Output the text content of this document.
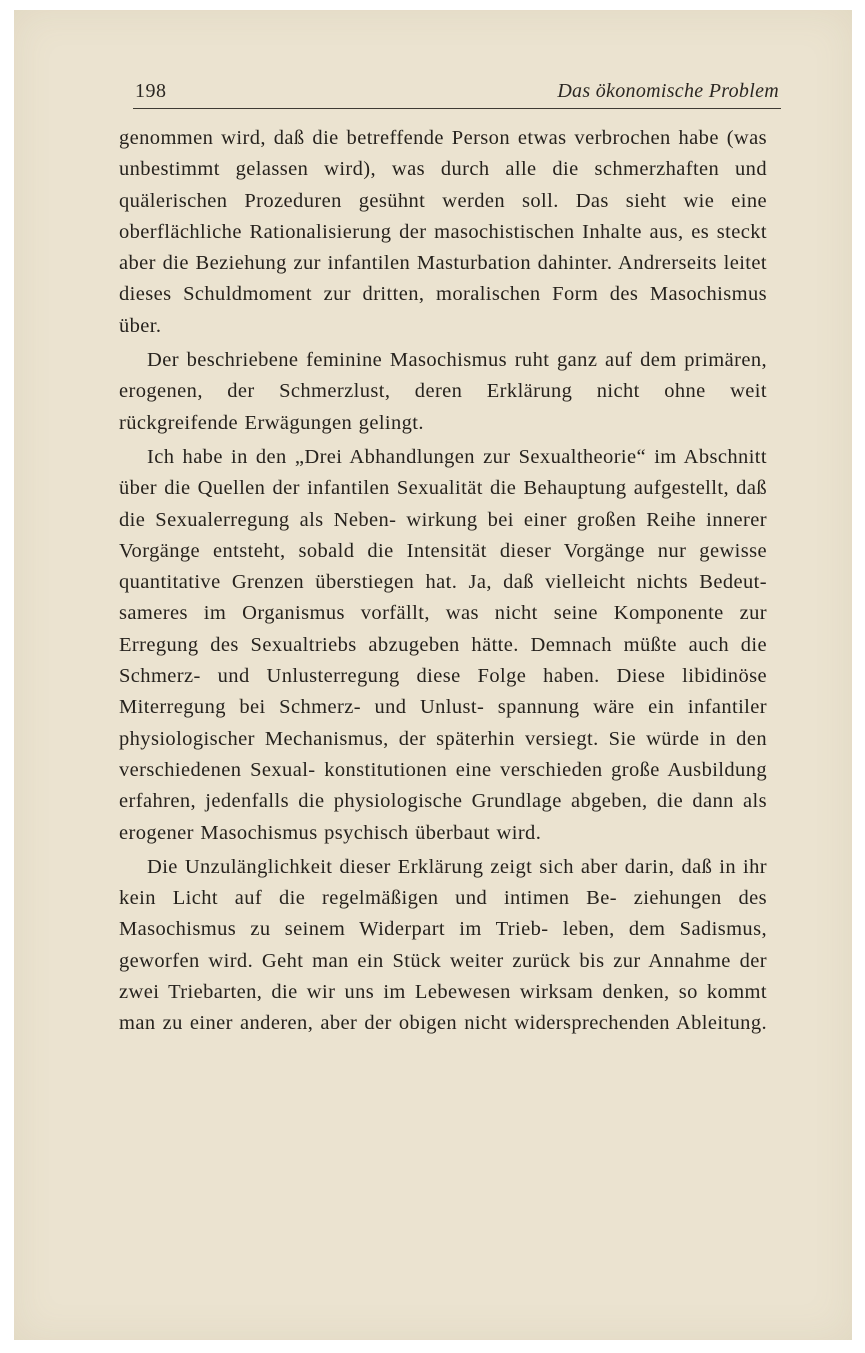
198	Das ökonomische Problem

genommen wird, daß die betreffende Person etwas verbrochen habe (was unbestimmt gelassen wird), was durch alle die schmerzhaften und quälerischen Prozeduren gesühnt werden soll. Das sieht wie eine oberflächliche Rationalisierung der masochistischen Inhalte aus, es steckt aber die Beziehung zur infantilen Masturbation dahinter. Andrerseits leitet dieses Schuldmoment zur dritten, moralischen Form des Masochismus über.

Der beschriebene feminine Masochismus ruht ganz auf dem primären, erogenen, der Schmerzlust, deren Erklärung nicht ohne weit rückgreifende Erwägungen gelingt.

Ich habe in den „Drei Abhandlungen zur Sexualtheorie“ im Abschnitt über die Quellen der infantilen Sexualität die Behauptung aufgestellt, daß die Sexualerregung als Neben- wirkung bei einer großen Reihe innerer Vorgänge entsteht, sobald die Intensität dieser Vorgänge nur gewisse quantitative Grenzen überstiegen hat. Ja, daß vielleicht nichts Bedeut- sameres im Organismus vorfällt, was nicht seine Komponente zur Erregung des Sexualtriebs abzugeben hätte. Demnach müßte auch die Schmerz- und Unlusterregung diese Folge haben. Diese libidinöse Miterregung bei Schmerz- und Unlust- spannung wäre ein infantiler physiologischer Mechanismus, der späterhin versiegt. Sie würde in den verschiedenen Sexual- konstitutionen eine verschieden große Ausbildung erfahren, jedenfalls die physiologische Grundlage abgeben, die dann als erogener Masochismus psychisch überbaut wird.

Die Unzulänglichkeit dieser Erklärung zeigt sich aber darin, daß in ihr kein Licht auf die regelmäßigen und intimen Be- ziehungen des Masochismus zu seinem Widerpart im Trieb- leben, dem Sadismus, geworfen wird. Geht man ein Stück weiter zurück bis zur Annahme der zwei Triebarten, die wir uns im Lebewesen wirksam denken, so kommt man zu einer anderen, aber der obigen nicht widersprechenden Ableitung.
